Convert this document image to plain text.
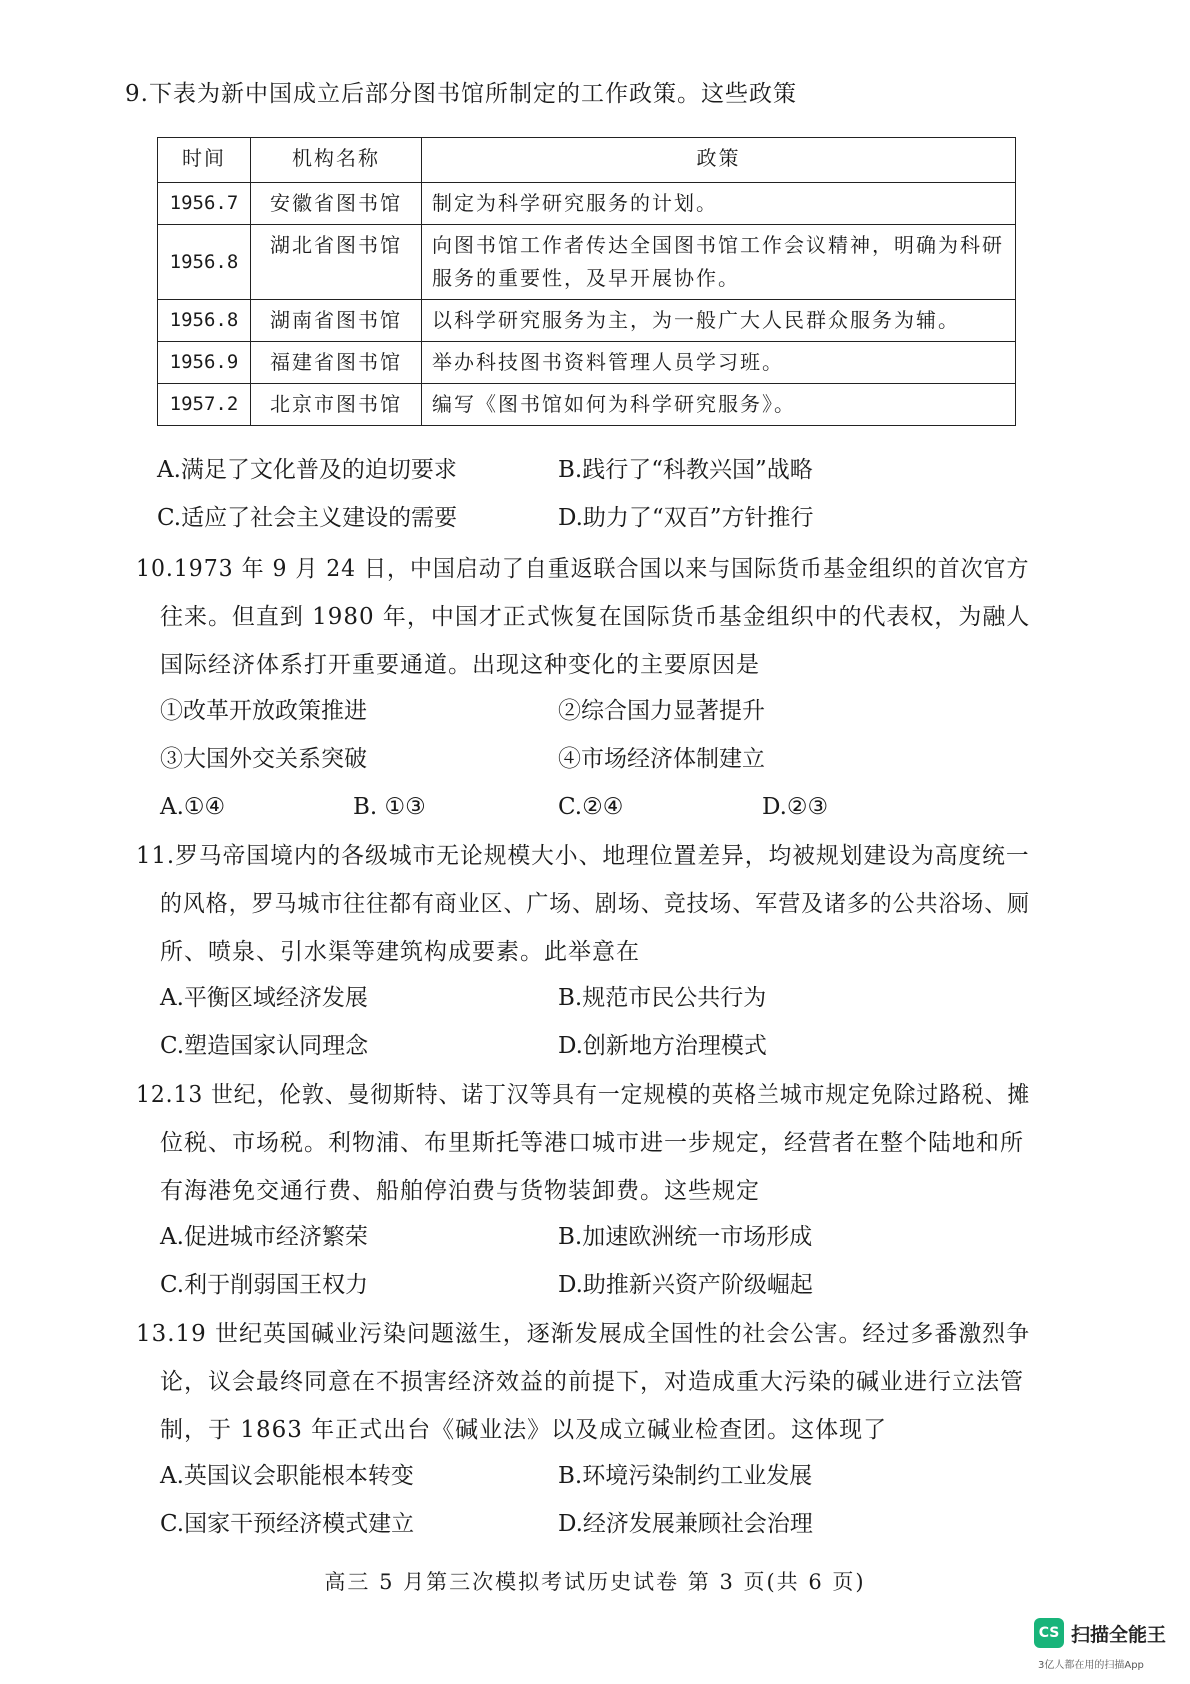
9.下表为新中国成立后部分图书馆所制定的工作政策。这些政策
时间	机构名称	政策
1956.7	安徽省图书馆	制定为科学研究服务的计划。
1956.8	湖北省图书馆	向图书馆工作者传达全国图书馆工作会议精神，明确为科研服务的重要性，及早开展协作。
1956.8	湖南省图书馆	以科学研究服务为主，为一般广大人民群众服务为辅。
1956.9	福建省图书馆	举办科技图书资料管理人员学习班。
1957.2	北京市图书馆	编写《图书馆如何为科学研究服务》。
A.满足了文化普及的迫切要求	B.践行了“科教兴国”战略
C.适应了社会主义建设的需要	D.助力了“双百”方针推行
10.1973 年 9 月 24 日，中国启动了自重返联合国以来与国际货币基金组织的首次官方
往来。但直到 1980 年，中国才正式恢复在国际货币基金组织中的代表权，为融人
国际经济体系打开重要通道。出现这种变化的主要原因是
①改革开放政策推进	②综合国力显著提升
③大国外交关系突破	④市场经济体制建立
A.①④	B. ①③	C.②④	D.②③
11.罗马帝国境内的各级城市无论规模大小、地理位置差异，均被规划建设为高度统一
的风格，罗马城市往往都有商业区、广场、剧场、竞技场、军营及诸多的公共浴场、厕
所、喷泉、引水渠等建筑构成要素。此举意在
A.平衡区域经济发展	B.规范市民公共行为
C.塑造国家认同理念	D.创新地方治理模式
12.13 世纪，伦敦、曼彻斯特、诺丁汉等具有一定规模的英格兰城市规定免除过路税、摊
位税、市场税。利物浦、布里斯托等港口城市进一步规定，经营者在整个陆地和所
有海港免交通行费、船舶停泊费与货物装卸费。这些规定
A.促进城市经济繁荣	B.加速欧洲统一市场形成
C.利于削弱国王权力	D.助推新兴资产阶级崛起
13.19 世纪英国碱业污染问题滋生，逐渐发展成全国性的社会公害。经过多番激烈争
论，议会最终同意在不损害经济效益的前提下，对造成重大污染的碱业进行立法管
制，于 1863 年正式出台《碱业法》以及成立碱业检查团。这体现了
A.英国议会职能根本转变	B.环境污染制约工业发展
C.国家干预经济模式建立	D.经济发展兼顾社会治理
高三 5 月第三次模拟考试历史试卷 第 3 页(共 6 页)
CS 扫描全能王
3亿人都在用的扫描App
